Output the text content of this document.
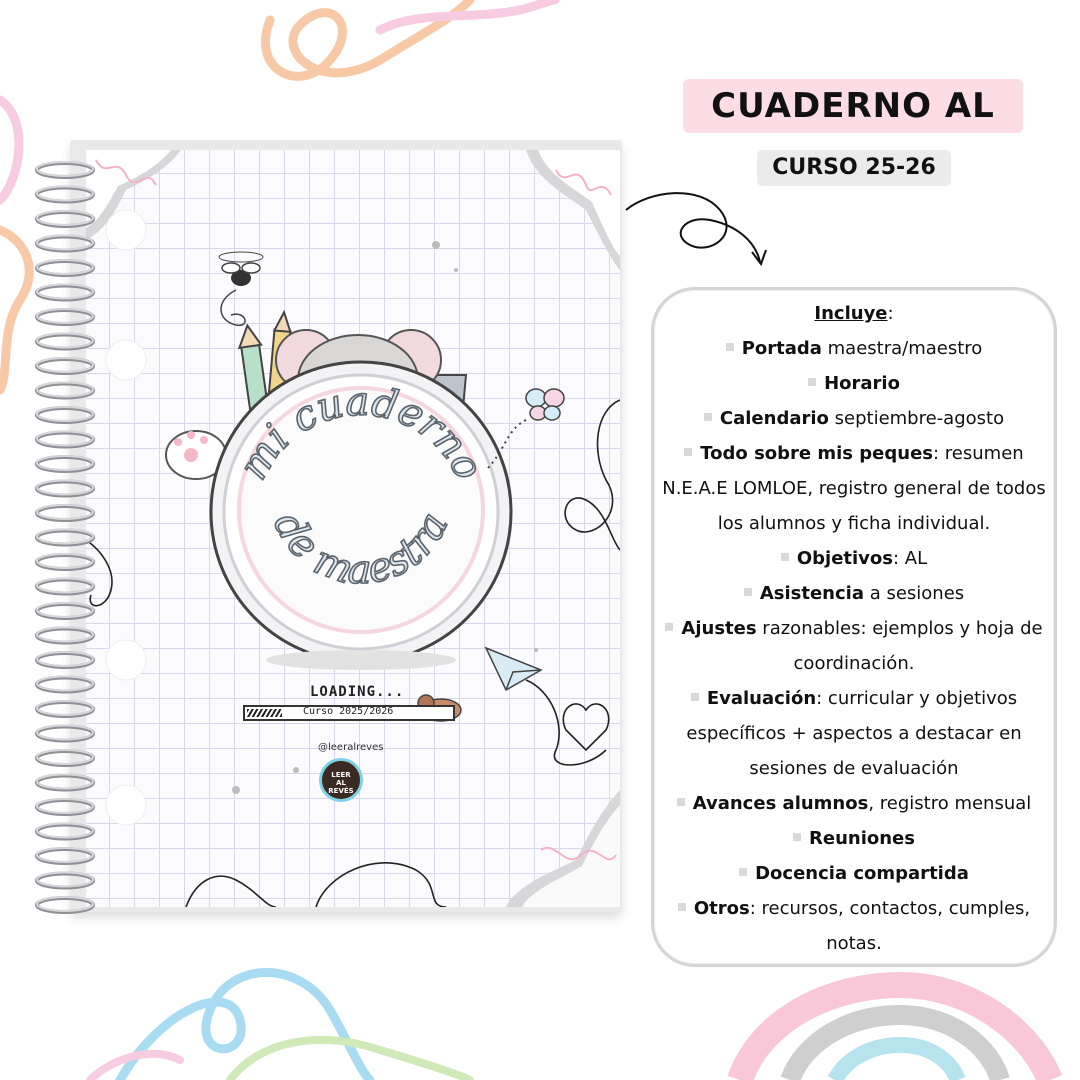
mi cuaderno
de maestra
LOADING...
Curso 2025/2026
@leeralreves
LEER
AL
REVÉS
CUADERNO AL
CURSO 25-26
Incluye:
Portada maestra/maestro
Horario
Calendario septiembre-agosto
Todo sobre mis peques: resumen
N.E.A.E LOMLOE, registro general de todos
los alumnos y ficha individual.
Objetivos: AL
Asistencia a sesiones
Ajustes razonables: ejemplos y hoja de
coordinación.
Evaluación: curricular y objetivos
específicos + aspectos a destacar en
sesiones de evaluación
Avances alumnos, registro mensual
Reuniones
Docencia compartida
Otros: recursos, contactos, cumples,
notas.
